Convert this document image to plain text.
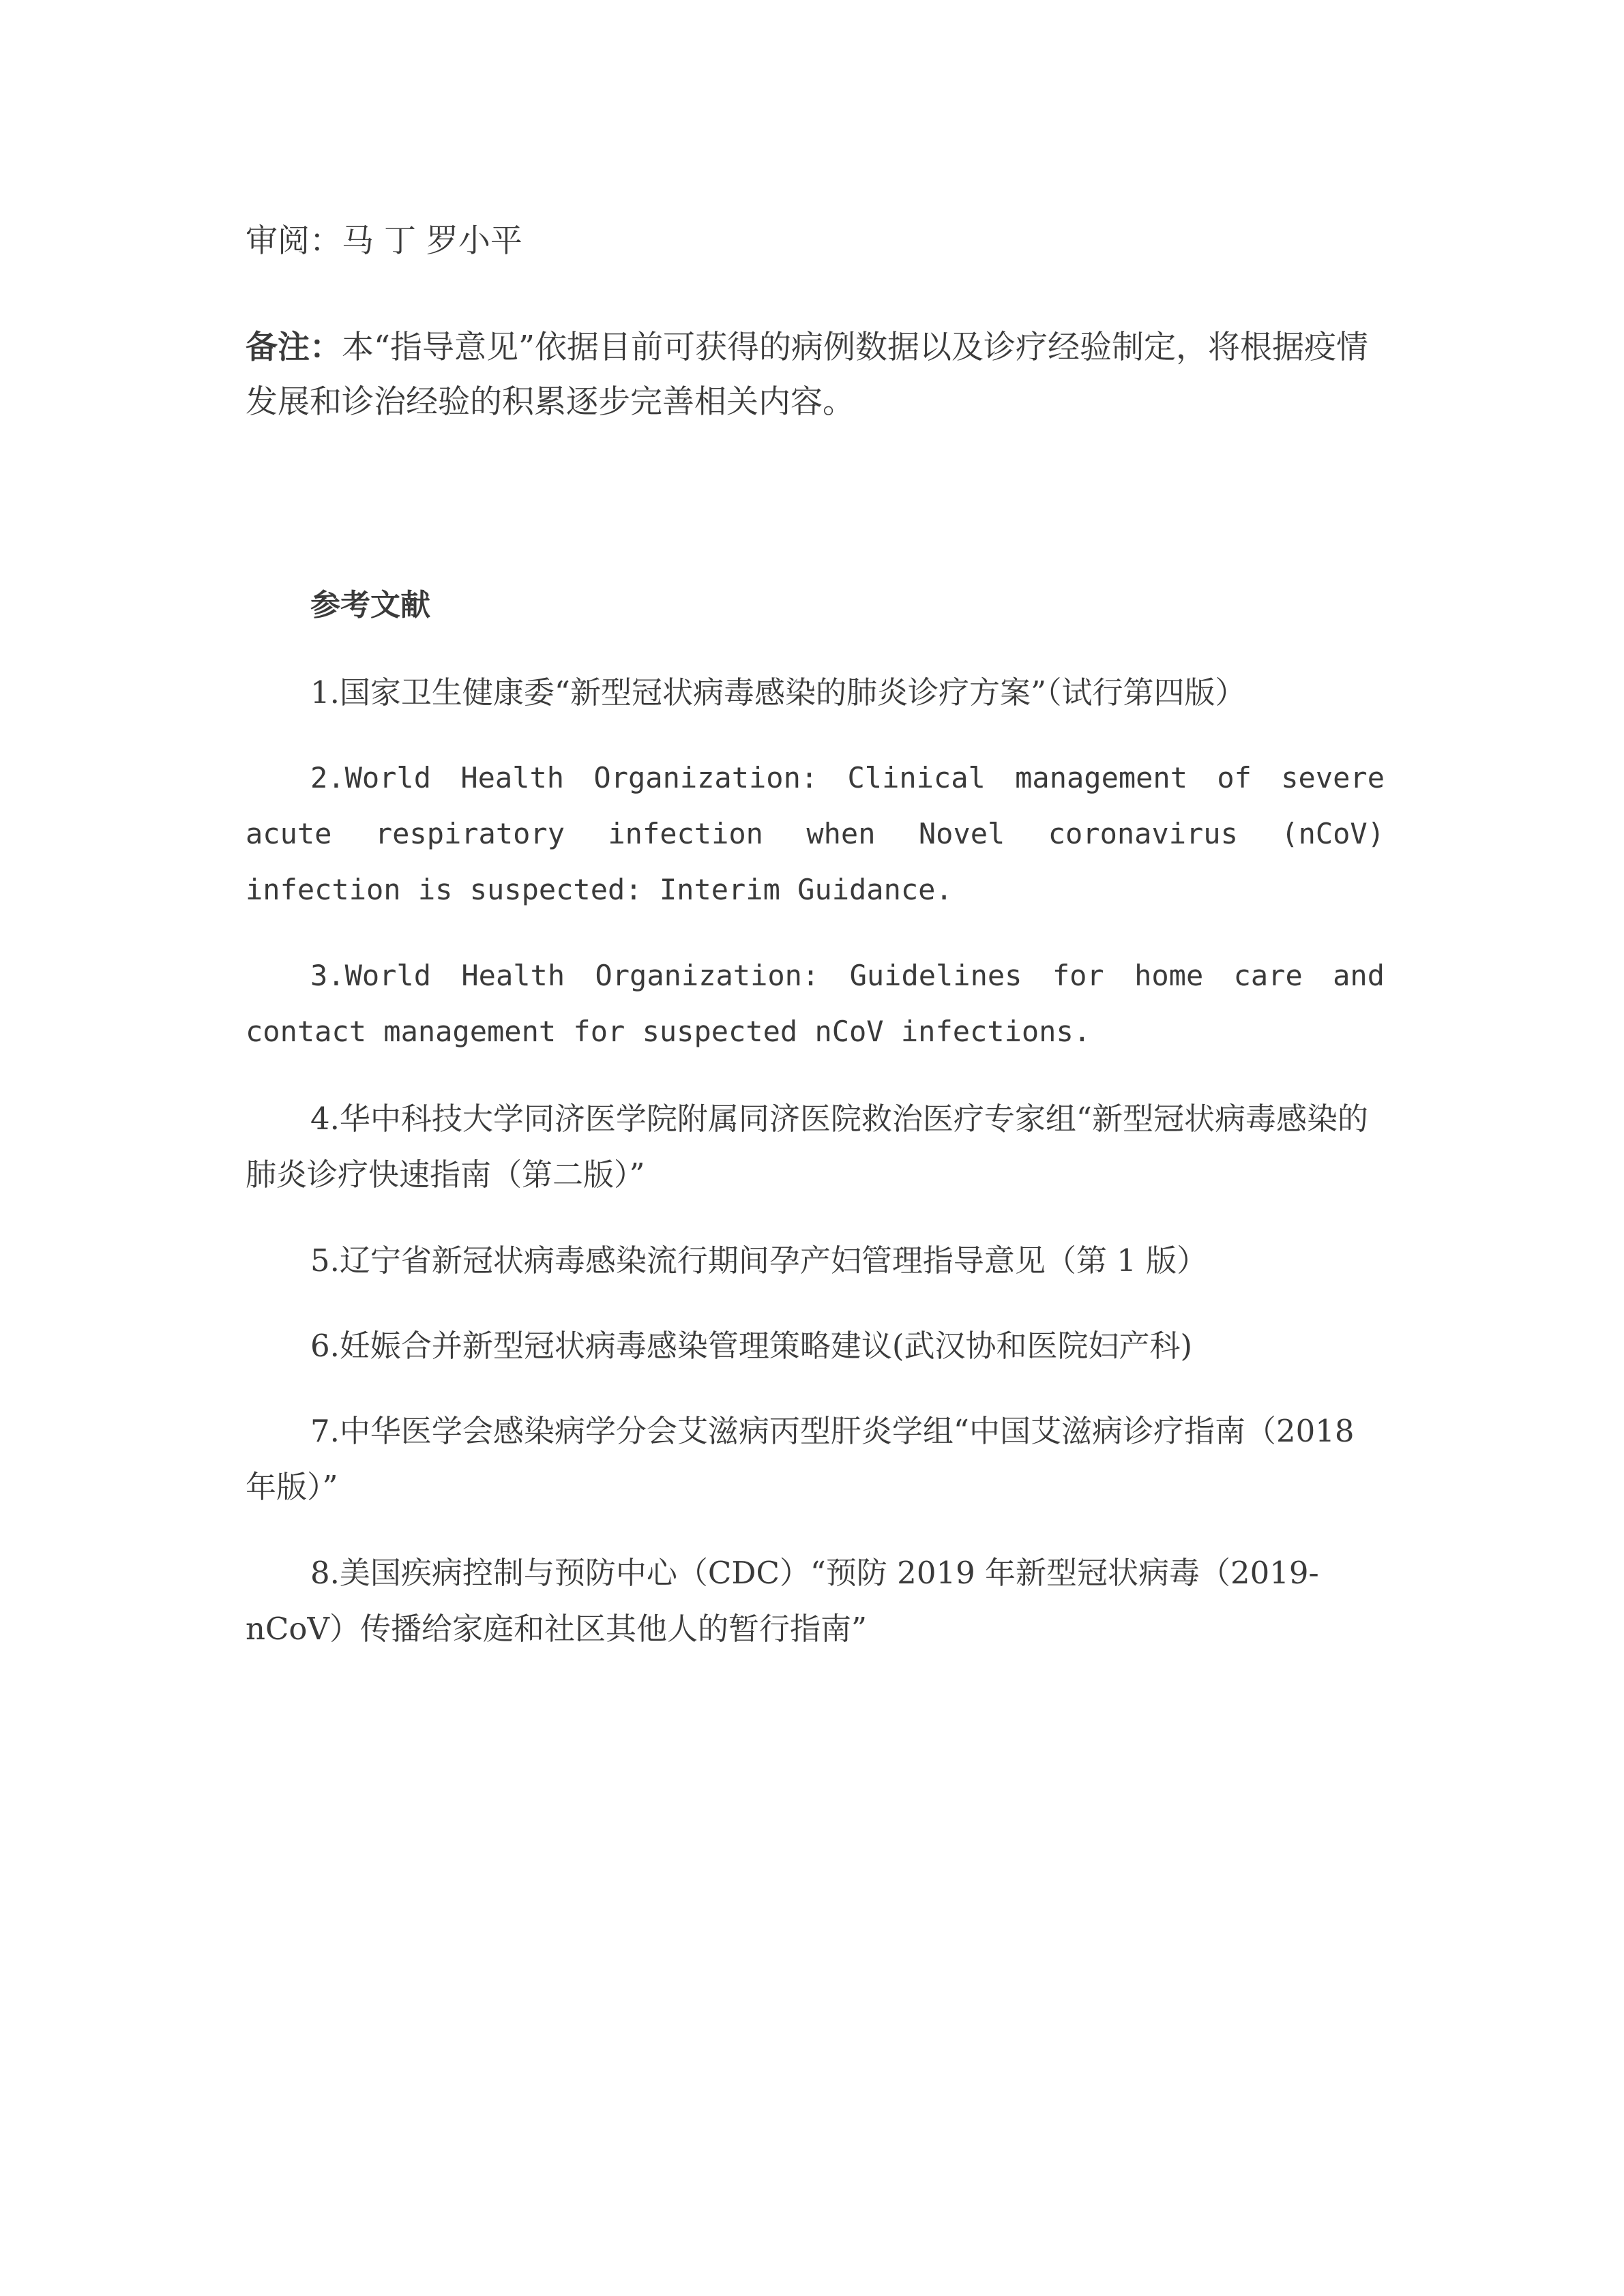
审阅：马 丁 罗小平

备注：本“指导意见”依据目前可获得的病例数据以及诊疗经验制定，将根据疫情发展和诊治经验的积累逐步完善相关内容。

参考文献

1.国家卫生健康委“新型冠状病毒感染的肺炎诊疗方案”（试行第四版）

2.World Health Organization: Clinical management of severe acute respiratory infection when Novel coronavirus (nCoV) infection is suspected: Interim Guidance.

3.World Health Organization: Guidelines for home care and contact management for suspected nCoV infections.

4.华中科技大学同济医学院附属同济医院救治医疗专家组“新型冠状病毒感染的肺炎诊疗快速指南（第二版）”

5.辽宁省新冠状病毒感染流行期间孕产妇管理指导意见（第 1 版）

6.妊娠合并新型冠状病毒感染管理策略建议(武汉协和医院妇产科)

7.中华医学会感染病学分会艾滋病丙型肝炎学组“中国艾滋病诊疗指南（2018 年版）”

8.美国疾病控制与预防中心（CDC）“预防 2019 年新型冠状病毒（2019-nCoV）传播给家庭和社区其他人的暂行指南”
